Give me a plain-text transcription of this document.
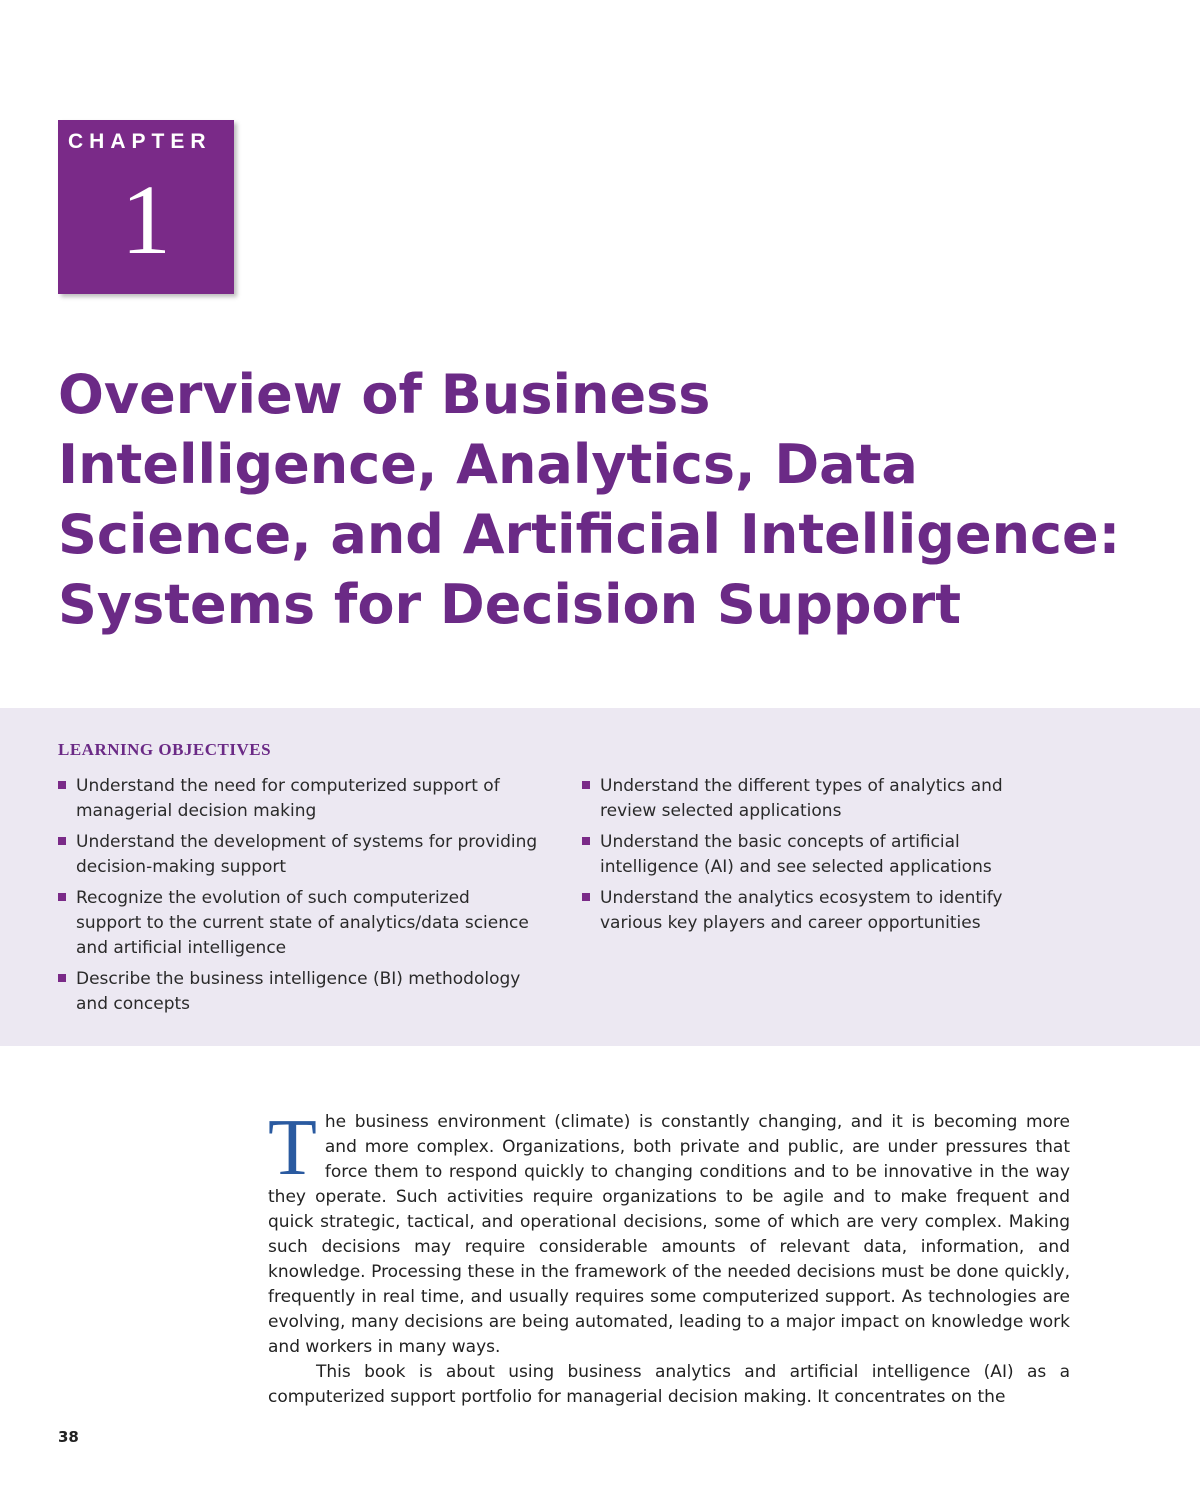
CHAPTER
1
Overview of Business
Intelligence, Analytics, Data
Science, and Artificial Intelligence:
Systems for Decision Support
LEARNING OBJECTIVES
Understand the need for computerized support of managerial decision making
Understand the development of systems for providing decision-making support
Recognize the evolution of such computerized support to the current state of analytics/data science and artificial intelligence
Describe the business intelligence (BI) methodology and concepts
Understand the different types of analytics and review selected applications
Understand the basic concepts of artificial intelligence (AI) and see selected applications
Understand the analytics ecosystem to identify various key players and career opportunities

The business environment (climate) is constantly changing, and it is becoming more and more complex. Organizations, both private and public, are under pressures that force them to respond quickly to changing conditions and to be innovative in the way they operate. Such activities require organizations to be agile and to make frequent and quick strategic, tactical, and operational decisions, some of which are very complex. Making such decisions may require considerable amounts of relevant data, information, and knowledge. Processing these in the framework of the needed decisions must be done quickly, frequently in real time, and usually requires some computerized support. As technologies are evolving, many decisions are being automated, leading to a major impact on knowledge work and workers in many ways.

This book is about using business analytics and artificial intelligence (AI) as a computerized support portfolio for managerial decision making. It concentrates on the

38
